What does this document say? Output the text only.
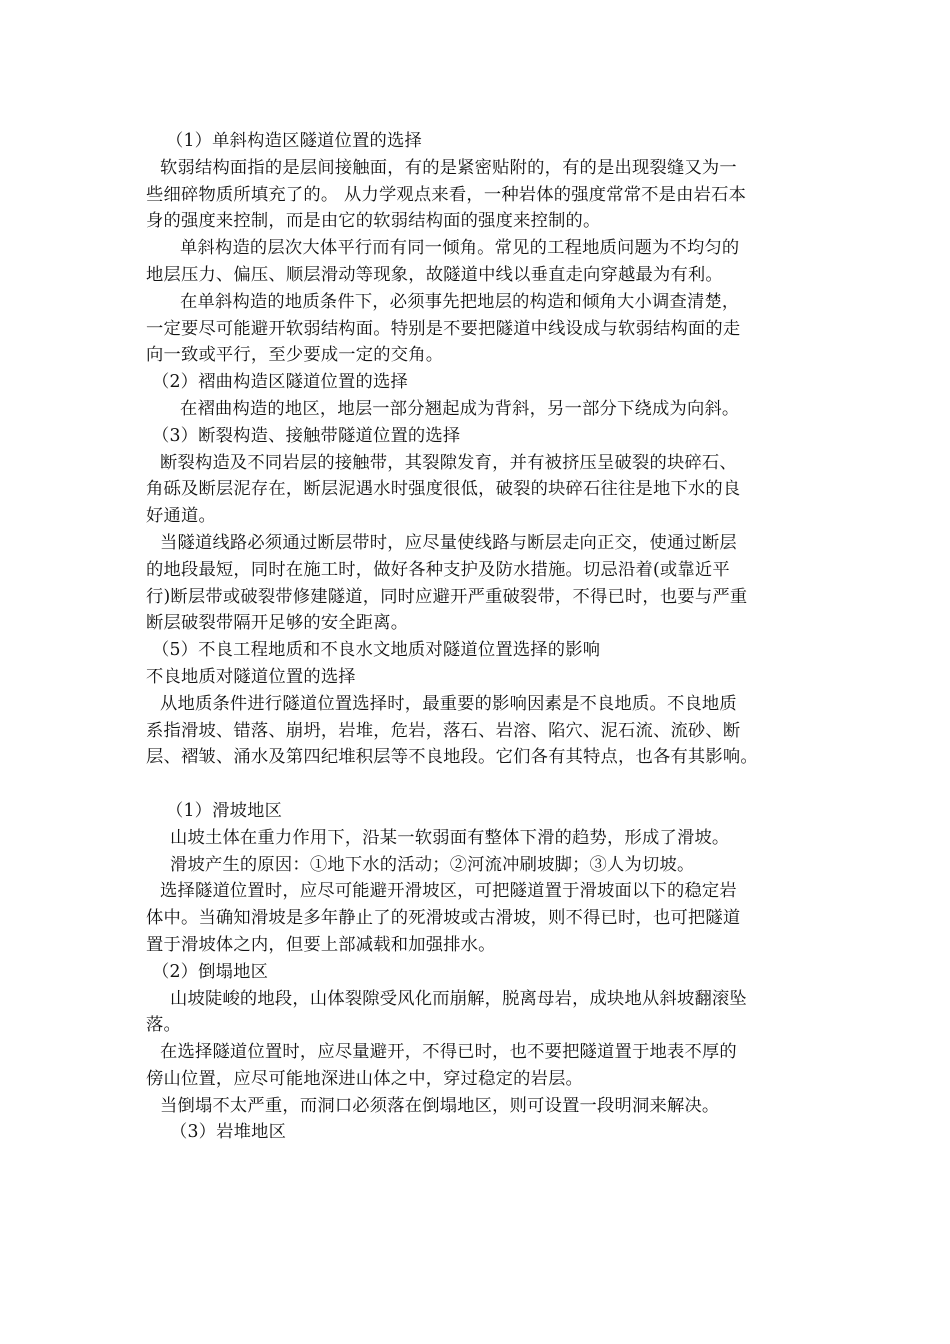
（1）单斜构造区隧道位置的选择
软弱结构面指的是层间接触面，有的是紧密贴附的，有的是出现裂缝又为一
些细碎物质所填充了的。 从力学观点来看，一种岩体的强度常常不是由岩石本
身的强度来控制，而是由它的软弱结构面的强度来控制的。
单斜构造的层次大体平行而有同一倾角。常见的工程地质问题为不均匀的
地层压力、偏压、顺层滑动等现象，故隧道中线以垂直走向穿越最为有利。
在单斜构造的地质条件下，必须事先把地层的构造和倾角大小调查清楚，
一定要尽可能避开软弱结构面。特别是不要把隧道中线设成与软弱结构面的走
向一致或平行，至少要成一定的交角。
（2）褶曲构造区隧道位置的选择
在褶曲构造的地区，地层一部分翘起成为背斜，另一部分下绕成为向斜。
（3）断裂构造、接触带隧道位置的选择
断裂构造及不同岩层的接触带，其裂隙发育，并有被挤压呈破裂的块碎石、
角砾及断层泥存在，断层泥遇水时强度很低，破裂的块碎石往往是地下水的良
好通道。
当隧道线路必须通过断层带时，应尽量使线路与断层走向正交，使通过断层
的地段最短，同时在施工时，做好各种支护及防水措施。切忌沿着(或靠近平
行)断层带或破裂带修建隧道，同时应避开严重破裂带，不得已时，也要与严重
断层破裂带隔开足够的安全距离。
（5）不良工程地质和不良水文地质对隧道位置选择的影响
不良地质对隧道位置的选择
从地质条件进行隧道位置选择时，最重要的影响因素是不良地质。不良地质
系指滑坡、错落、崩坍，岩堆，危岩，落石、岩溶、陷穴、泥石流、流砂、断
层、褶皱、涌水及第四纪堆积层等不良地段。它们各有其特点，也各有其影响。
（1）滑坡地区
山坡土体在重力作用下，沿某一软弱面有整体下滑的趋势，形成了滑坡。
滑坡产生的原因：①地下水的活动；②河流冲刷坡脚；③人为切坡。
选择隧道位置时，应尽可能避开滑坡区，可把隧道置于滑坡面以下的稳定岩
体中。当确知滑坡是多年静止了的死滑坡或古滑坡，则不得已时，也可把隧道
置于滑坡体之内，但要上部减载和加强排水。
（2）倒塌地区
山坡陡峻的地段，山体裂隙受风化而崩解，脱离母岩，成块地从斜坡翻滚坠
落。
在选择隧道位置时，应尽量避开，不得已时，也不要把隧道置于地表不厚的
傍山位置，应尽可能地深进山体之中，穿过稳定的岩层。
当倒塌不太严重，而洞口必须落在倒塌地区，则可设置一段明洞来解决。
（3）岩堆地区
